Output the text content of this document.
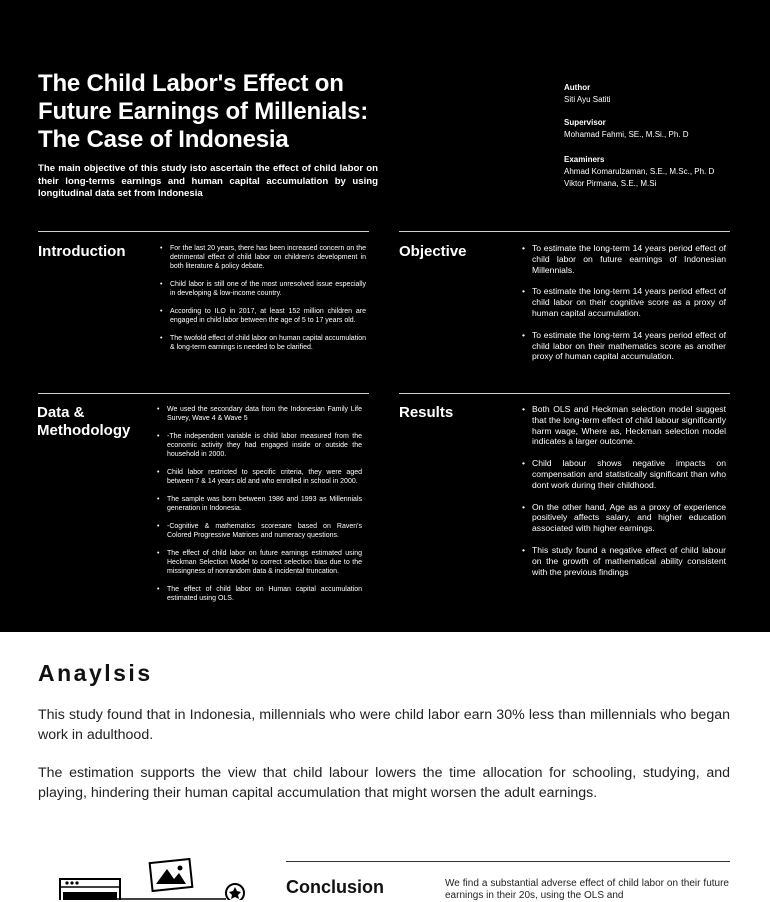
The Child Labor's Effect on
Future Earnings of Millenials:
The Case of Indonesia

The main objective of this study isto ascertain the effect of child labor on their long-terms earnings and human capital accumulation by using longitudinal data set from Indonesia

Author
Siti Ayu Satiti
Supervisor
Mohamad Fahmi, SE., M.Si., Ph. D
Examiners
Ahmad Komarulzaman, S.E., M.Sc., Ph. D
Viktor Pirmana, S.E., M.Si
Introduction	• For the last 20 years, there has been increased concern on the detrimental effect of child labor on children's development in both literature & policy debate.
• Child labor is still one of the most unresolved issue especially in developing & low-income country.
• According to ILO in 2017, at least 152 million children are engaged in child labor between the age of 5 to 17 years old.
• The twofold effect of child labor on human capital accumulation & long-term earnings is needed to be clarified.
Objective	• To estimate the long-term 14 years period effect of child labor on future earnings of Indonesian Millennials.
• To estimate the long-term 14 years period effect of child labor on their cognitive score as a proxy of human capital accumulation.
• To estimate the long-term 14 years period effect of child labor on their mathematics score as another proxy of human capital accumulation.
Data &
Methodology
• We used the secondary data from the Indonesian Family Life Survey, Wave 4 & Wave 5
• -The independent variable is child labor measured from the economic activity they had engaged inside or outside the household in 2000.
• Child labor restricted to specific criteria, they were aged between 7 & 14 years old and who enrolled in school in 2000.
• The sample was born between 1986 and 1993 as Millennials generation in Indonesia.
• -Cognitive & mathematics scoresare based on Raven's Colored Progressive Matrices and numeracy questions.
• The effect of child labor on future earnings estimated using Heckman Selection Model to correct selection bias due to the missingness of nonrandom data & incidental truncation.
• The effect of child labor on Human capital accumulation estimated using OLS.
Results	• Both OLS and Heckman selection model suggest that the long-term effect of child labour significantly harm wage, Where as, Heckman selection model indicates a larger outcome.
• Child labour shows negative impacts on compensation and statistically significant than who dont work during their childhood.
• On the other hand, Age as a proxy of experience positively affects salary, and higher education associated with higher earnings.
• This study found a negative effect of child labour on the growth of mathematical ability consistent with the previous findings
Anaylsis

This study found that in Indonesia, millennials who were child labor earn 30% less than millennials who began work in adulthood.

The estimation supports the view that child labour lowers the time allocation for schooling, studying, and playing, hindering their human capital accumulation that might worsen the adult earnings.

Conclusion	We find a substantial adverse effect of child labor on their future earnings in their 20s, using the OLS and
